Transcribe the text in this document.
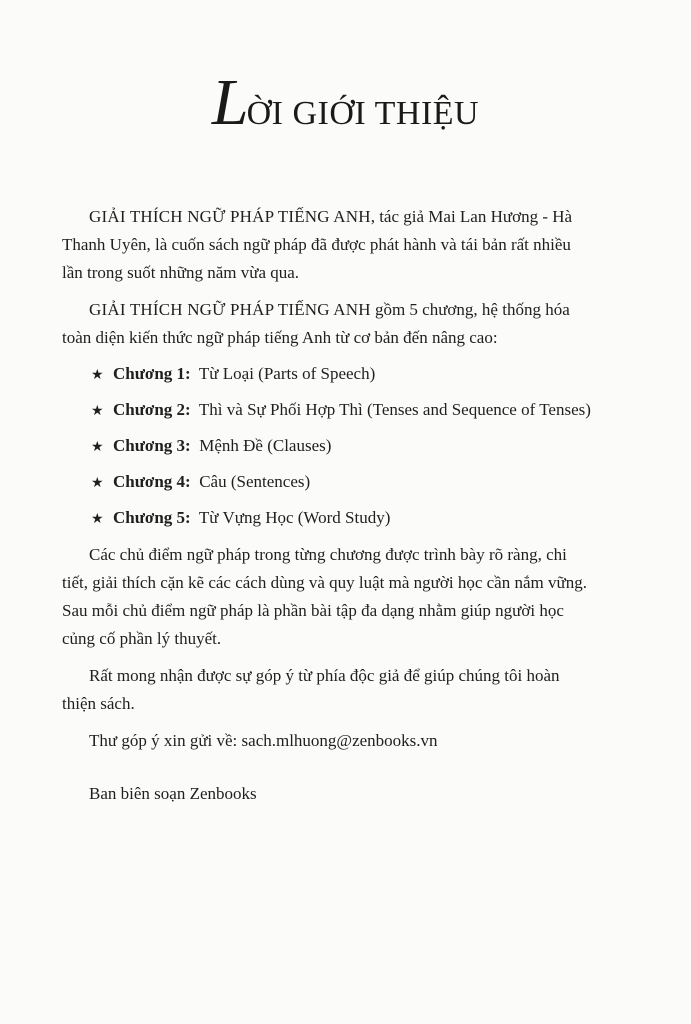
LỜI GIỚI THIỆU
GIẢI THÍCH NGỮ PHÁP TIẾNG ANH, tác giả Mai Lan Hương - Hà
Thanh Uyên, là cuốn sách ngữ pháp đã được phát hành và tái bản rất nhiều
lần trong suốt những năm vừa qua.
GIẢI THÍCH NGỮ PHÁP TIẾNG ANH gồm 5 chương, hệ thống hóa
toàn diện kiến thức ngữ pháp tiếng Anh từ cơ bản đến nâng cao:
★ Chương 1: Từ Loại (Parts of Speech)
★ Chương 2: Thì và Sự Phối Hợp Thì (Tenses and Sequence of Tenses)
★ Chương 3: Mệnh Đề (Clauses)
★ Chương 4: Câu (Sentences)
★ Chương 5: Từ Vựng Học (Word Study)
Các chủ điểm ngữ pháp trong từng chương được trình bày rõ ràng, chi
tiết, giải thích cặn kẽ các cách dùng và quy luật mà người học cần nắm vững.
Sau mỗi chủ điểm ngữ pháp là phần bài tập đa dạng nhằm giúp người học
củng cố phần lý thuyết.
Rất mong nhận được sự góp ý từ phía độc giả để giúp chúng tôi hoàn
thiện sách.
Thư góp ý xin gửi về: sach.mlhuong@zenbooks.vn
Ban biên soạn Zenbooks
